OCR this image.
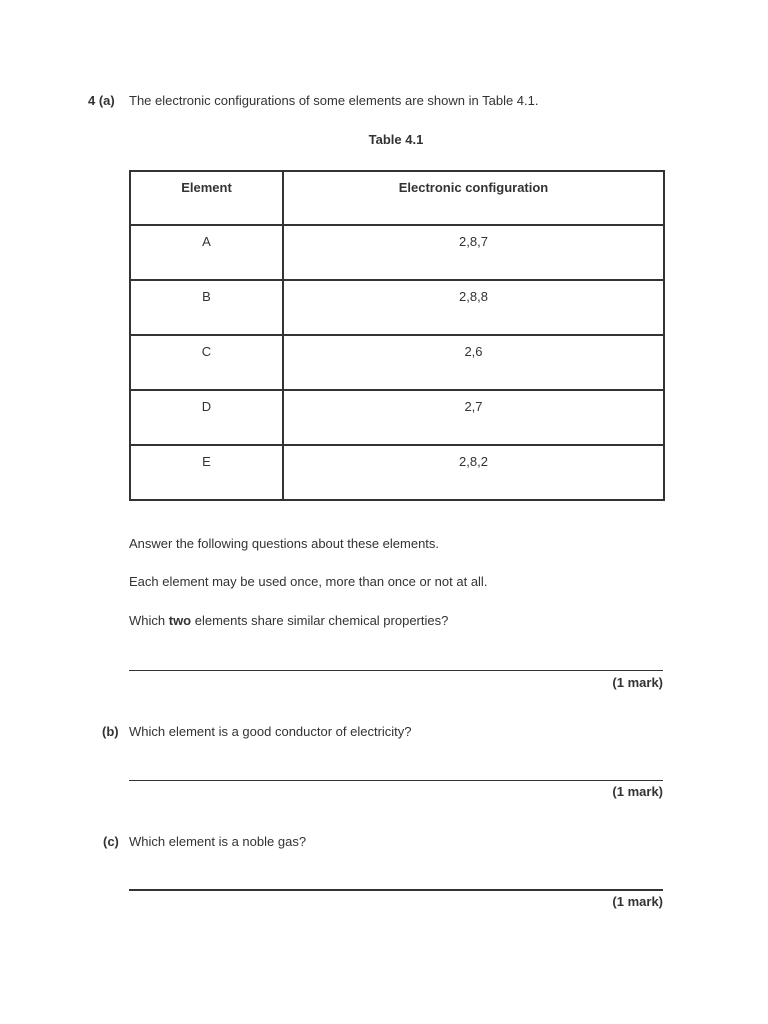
4 (a) The electronic configurations of some elements are shown in Table 4.1.
Table 4.1
Element	Electronic configuration
A	2,8,7
B	2,8,8
C	2,6
D	2,7
E	2,8,2
Answer the following questions about these elements.
Each element may be used once, more than once or not at all.
Which two elements share similar chemical properties?
(1 mark)
(b) Which element is a good conductor of electricity?
(1 mark)
(c) Which element is a noble gas?
(1 mark)
